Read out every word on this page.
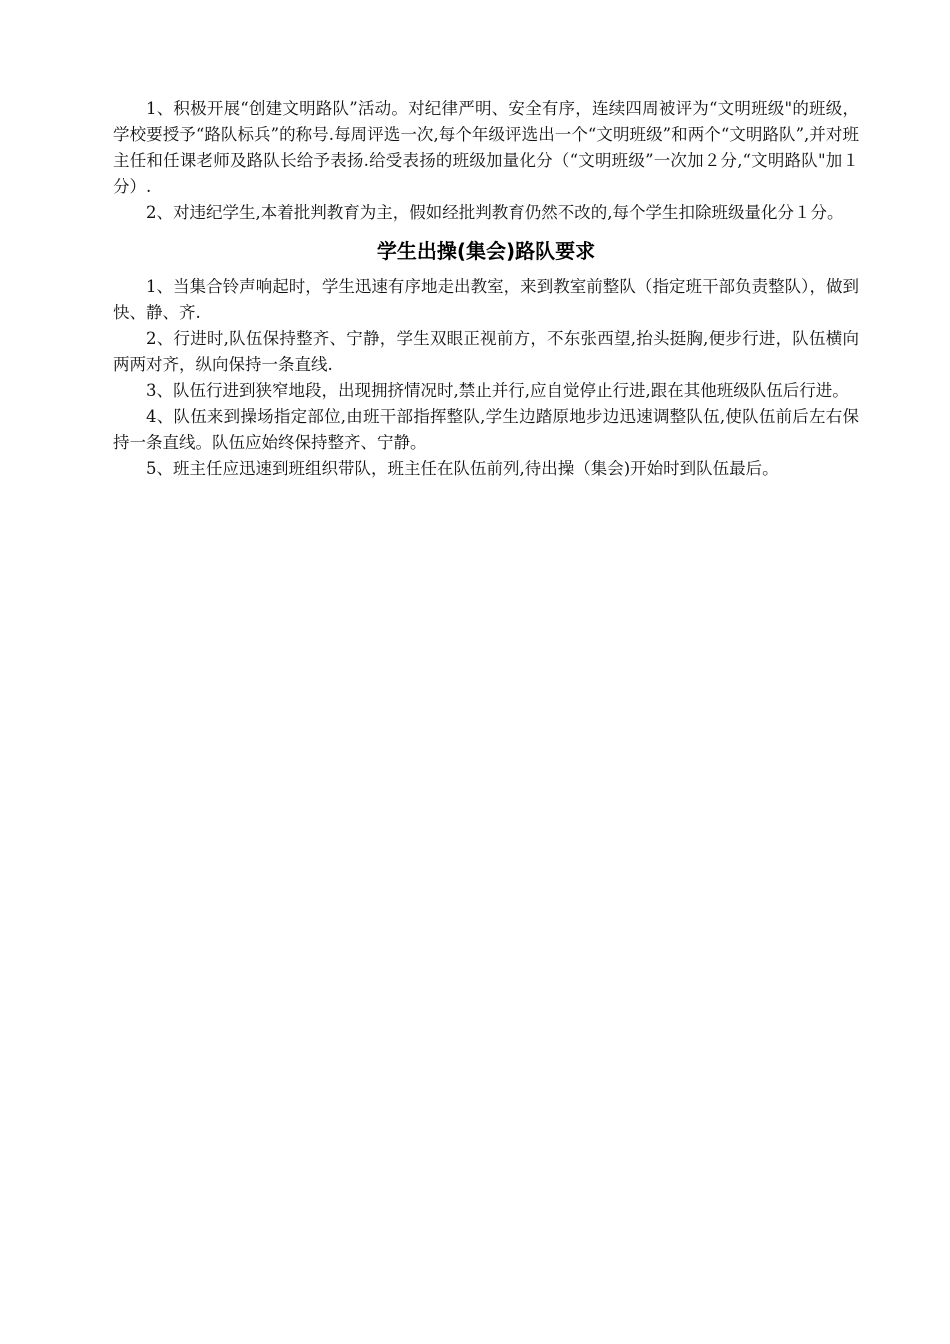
1、积极开展“创建文明路队”活动。对纪律严明、安全有序，连续四周被评为“文明班级"的班级，学校要授予“路队标兵”的称号.每周评选一次,每个年级评选出一个“文明班级”和两个“文明路队”,并对班主任和任课老师及路队长给予表扬.给受表扬的班级加量化分（“文明班级”一次加２分,“文明路队"加１分）.

2、对违纪学生,本着批判教育为主，假如经批判教育仍然不改的,每个学生扣除班级量化分１分。

学生出操(集会)路队要求

1、当集合铃声响起时，学生迅速有序地走出教室，来到教室前整队（指定班干部负责整队），做到快、静、齐.

2、行进时,队伍保持整齐、宁静，学生双眼正视前方，不东张西望,抬头挺胸,便步行进，队伍横向两两对齐，纵向保持一条直线.

3、队伍行进到狭窄地段，出现拥挤情况时,禁止并行,应自觉停止行进,跟在其他班级队伍后行进。

4、队伍来到操场指定部位,由班干部指挥整队,学生边踏原地步边迅速调整队伍,使队伍前后左右保持一条直线。队伍应始终保持整齐、宁静。

5、班主任应迅速到班组织带队，班主任在队伍前列,待出操（集会)开始时到队伍最后。
